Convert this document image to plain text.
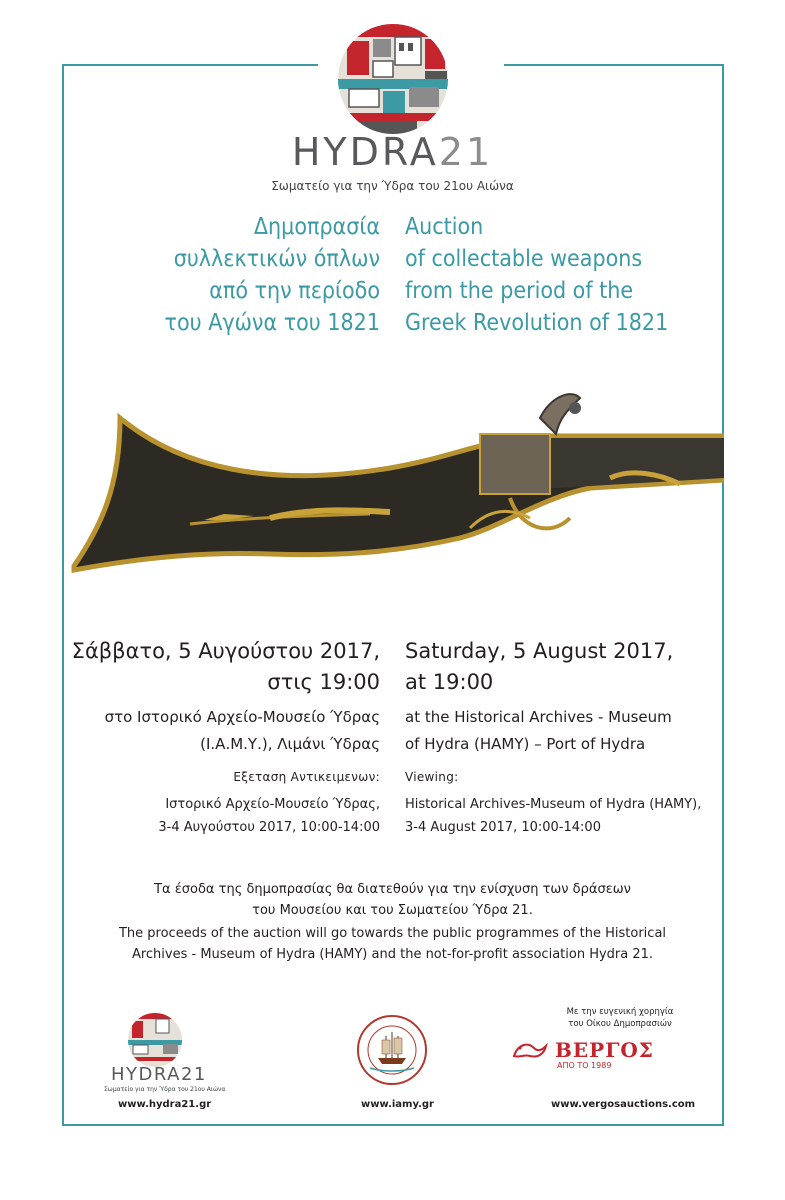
HYDRA21
Σωματείο για την Ύδρα του 21ου Αιώνα
Δημοπρασία
συλλεκτικών όπλων
από την περίοδο
του Αγώνα του 1821
Auction
of collectable weapons
from the period of the
Greek Revolution of 1821
Σάββατο, 5 Αυγούστου 2017,
στις 19:00
Saturday, 5 August 2017,
at 19:00
στο Ιστορικό Αρχείο-Μουσείο Ύδρας
(Ι.Α.Μ.Υ.), Λιμάνι Ύδρας
at the Historical Archives - Museum
of Hydra (HAMY) – Port of Hydra
Εξεταση Αντικειμενων: Viewing:
Ιστορικό Αρχείο-Μουσείο Ύδρας,
3-4 Αυγούστου 2017, 10:00-14:00
Historical Archives-Museum of Hydra (HAMY),
3-4 August 2017, 10:00-14:00
Τα έσοδα της δημοπρασίας θα διατεθούν για την ενίσχυση των δράσεων
του Μουσείου και του Σωματείου Ύδρα 21.
The proceeds of the auction will go towards the public programmes of the Historical
Archives - Museum of Hydra (HAMY) and the not-for-profit association Hydra 21.
HYDRA21
Σωματείο για την Ύδρα του 21ου Αιώνα
www.hydra21.gr	www.iamy.gr
Με την ευγενική χορηγία
του Οίκου Δημοπρασιών
ΒΕΡΓΟΣ
ΑΠΟ ΤΟ 1989
www.vergosauctions.com
